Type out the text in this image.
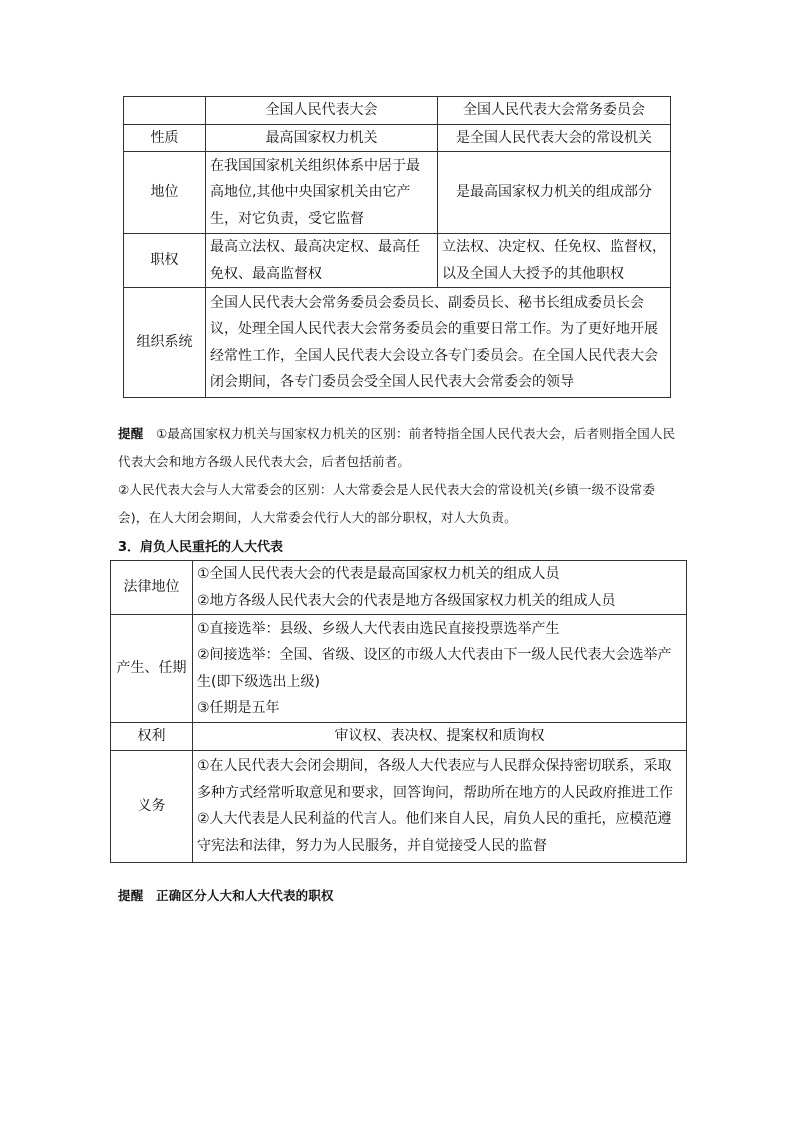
	全国人民代表大会	全国人民代表大会常务委员会
性质	最高国家权力机关	是全国人民代表大会的常设机关
地位	在我国国家机关组织体系中居于最高地位,其他中央国家机关由它产生，对它负责，受它监督	是最高国家权力机关的组成部分
职权	最高立法权、最高决定权、最高任免权、最高监督权	立法权、决定权、任免权、监督权，以及全国人大授予的其他职权
组织系统	全国人民代表大会常务委员会委员长、副委员长、秘书长组成委员长会议，处理全国人民代表大会常务委员会的重要日常工作。为了更好地开展经常性工作，全国人民代表大会设立各专门委员会。在全国人民代表大会闭会期间，各专门委员会受全国人民代表大会常委会的领导	
提醒 ①最高国家权力机关与国家权力机关的区别：前者特指全国人民代表大会，后者则指全国人民代表大会和地方各级人民代表大会，后者包括前者。
②人民代表大会与人大常委会的区别：人大常委会是人民代表大会的常设机关(乡镇一级不设常委会)，在人大闭会期间，人大常委会代行人大的部分职权，对人大负责。
3．肩负人民重托的人大代表
法律地位	①全国人民代表大会的代表是最高国家权力机关的组成人员
②地方各级人民代表大会的代表是地方各级国家权力机关的组成人员

产生、任期	①直接选举：县级、乡级人大代表由选民直接投票选举产生
②间接选举：全国、省级、设区的市级人大代表由下一级人民代表大会选举产生(即下级选出上级)
③任期是五年

权利	审议权、表决权、提案权和质询权
义务	①在人民代表大会闭会期间，各级人大代表应与人民群众保持密切联系，采取多种方式经常听取意见和要求，回答询问，帮助所在地方的人民政府推进工作
②人大代表是人民利益的代言人。他们来自人民，肩负人民的重托，应模范遵守宪法和法律，努力为人民服务，并自觉接受人民的监督
提醒 正确区分人大和人大代表的职权
